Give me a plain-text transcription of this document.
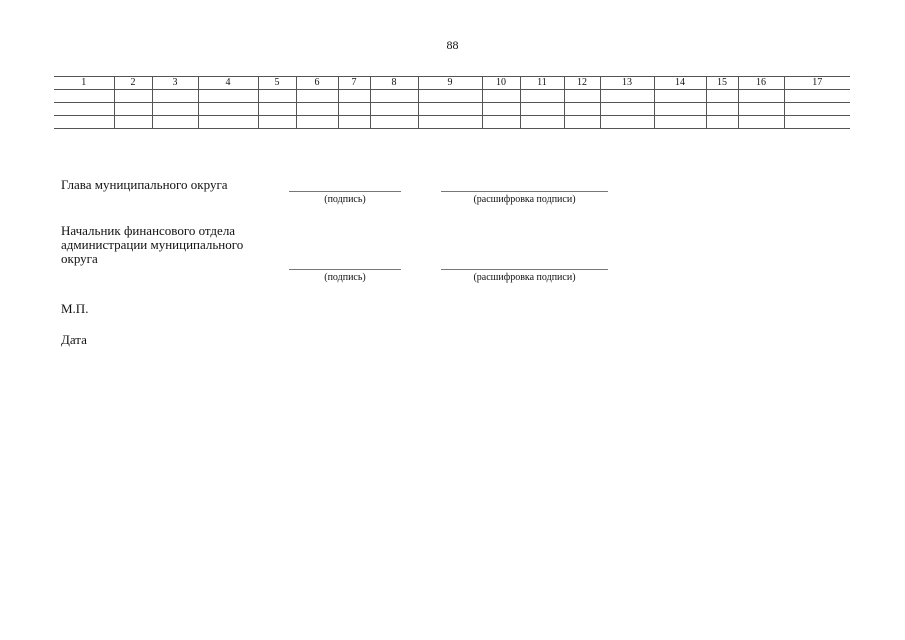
88
1	2	3	4	5	6	7	8	9	10	11	12	13	14	15	16	17

Глава муниципального округа
(подпись)	(расшифровка подписи)
Начальник финансового отдела
администрации муниципального
округа
(подпись)	(расшифровка подписи)
М.П.
Дата
